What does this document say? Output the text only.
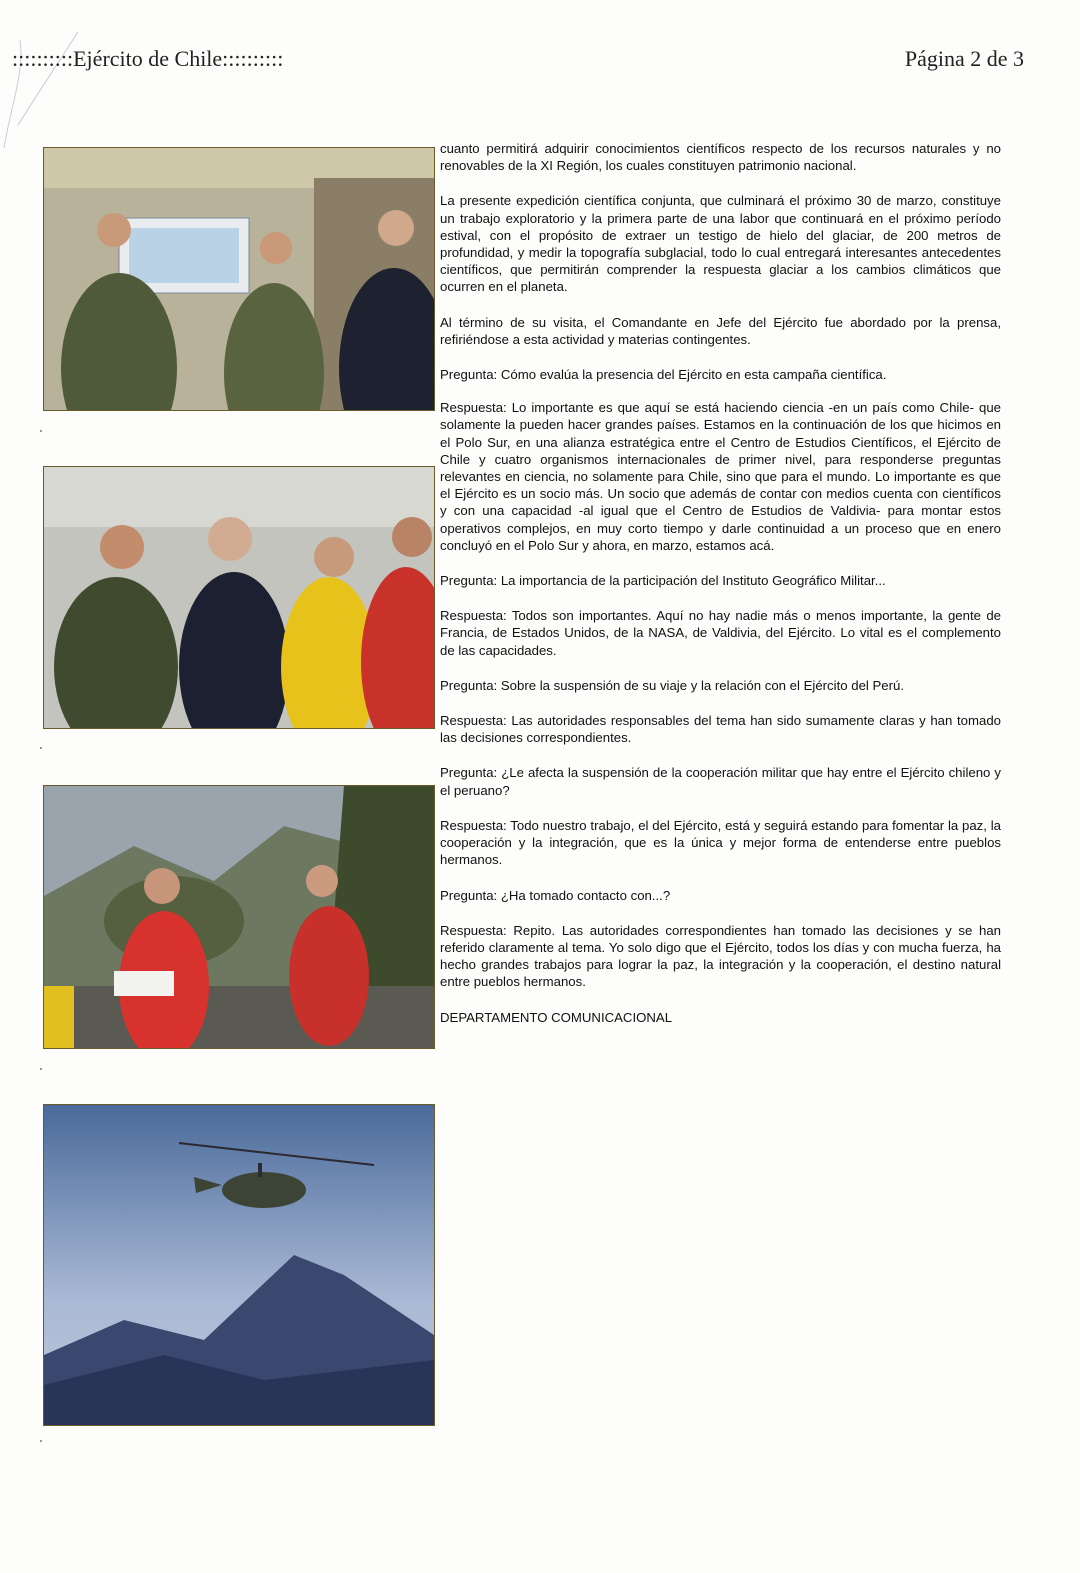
::::::::::Ejército de Chile::::::::::	Página 2 de 3

cuanto permitirá adquirir conocimientos científicos respecto de los recursos naturales y no renovables de la XI Región, los cuales constituyen patrimonio nacional.

La presente expedición científica conjunta, que culminará el próximo 30 de marzo, constituye un trabajo exploratorio y la primera parte de una labor que continuará en el próximo período estival, con el propósito de extraer un testigo de hielo del glaciar, de 200 metros de profundidad, y medir la topografía subglacial, todo lo cual entregará interesantes antecedentes científicos, que permitirán comprender la respuesta glaciar a los cambios climáticos que ocurren en el planeta.

Al término de su visita, el Comandante en Jefe del Ejército fue abordado por la prensa, refiriéndose a esta actividad y materias contingentes.

Pregunta: Cómo evalúa la presencia del Ejército en esta campaña científica.

Respuesta: Lo importante es que aquí se está haciendo ciencia -en un país como Chile- que solamente la pueden hacer grandes países. Estamos en la continuación de los que hicimos en el Polo Sur, en una alianza estratégica entre el Centro de Estudios Científicos, el Ejército de Chile y cuatro organismos internacionales de primer nivel, para responderse preguntas relevantes en ciencia, no solamente para Chile, sino que para el mundo. Lo importante es que el Ejército es un socio más. Un socio que además de contar con medios cuenta con científicos y con una capacidad -al igual que el Centro de Estudios de Valdivia- para montar estos operativos complejos, en muy corto tiempo y darle continuidad a un proceso que en enero concluyó en el Polo Sur y ahora, en marzo, estamos acá.

Pregunta: La importancia de la participación del Instituto Geográfico Militar...

Respuesta: Todos son importantes. Aquí no hay nadie más o menos importante, la gente de Francia, de Estados Unidos, de la NASA, de Valdivia, del Ejército. Lo vital es el complemento de las capacidades.

Pregunta: Sobre la suspensión de su viaje y la relación con el Ejército del Perú.

Respuesta: Las autoridades responsables del tema han sido sumamente claras y han tomado las decisiones correspondientes.

Pregunta: ¿Le afecta la suspensión de la cooperación militar que hay entre el Ejército chileno y el peruano?

Respuesta: Todo nuestro trabajo, el del Ejército, está y seguirá estando para fomentar la paz, la cooperación y la integración, que es la única y mejor forma de entenderse entre pueblos hermanos.

Pregunta: ¿Ha tomado contacto con...?

Respuesta: Repito. Las autoridades correspondientes han tomado las decisiones y se han referido claramente al tema. Yo solo digo que el Ejército, todos los días y con mucha fuerza, ha hecho grandes trabajos para lograr la paz, la integración y la cooperación, el destino natural entre pueblos hermanos.

DEPARTAMENTO COMUNICACIONAL
